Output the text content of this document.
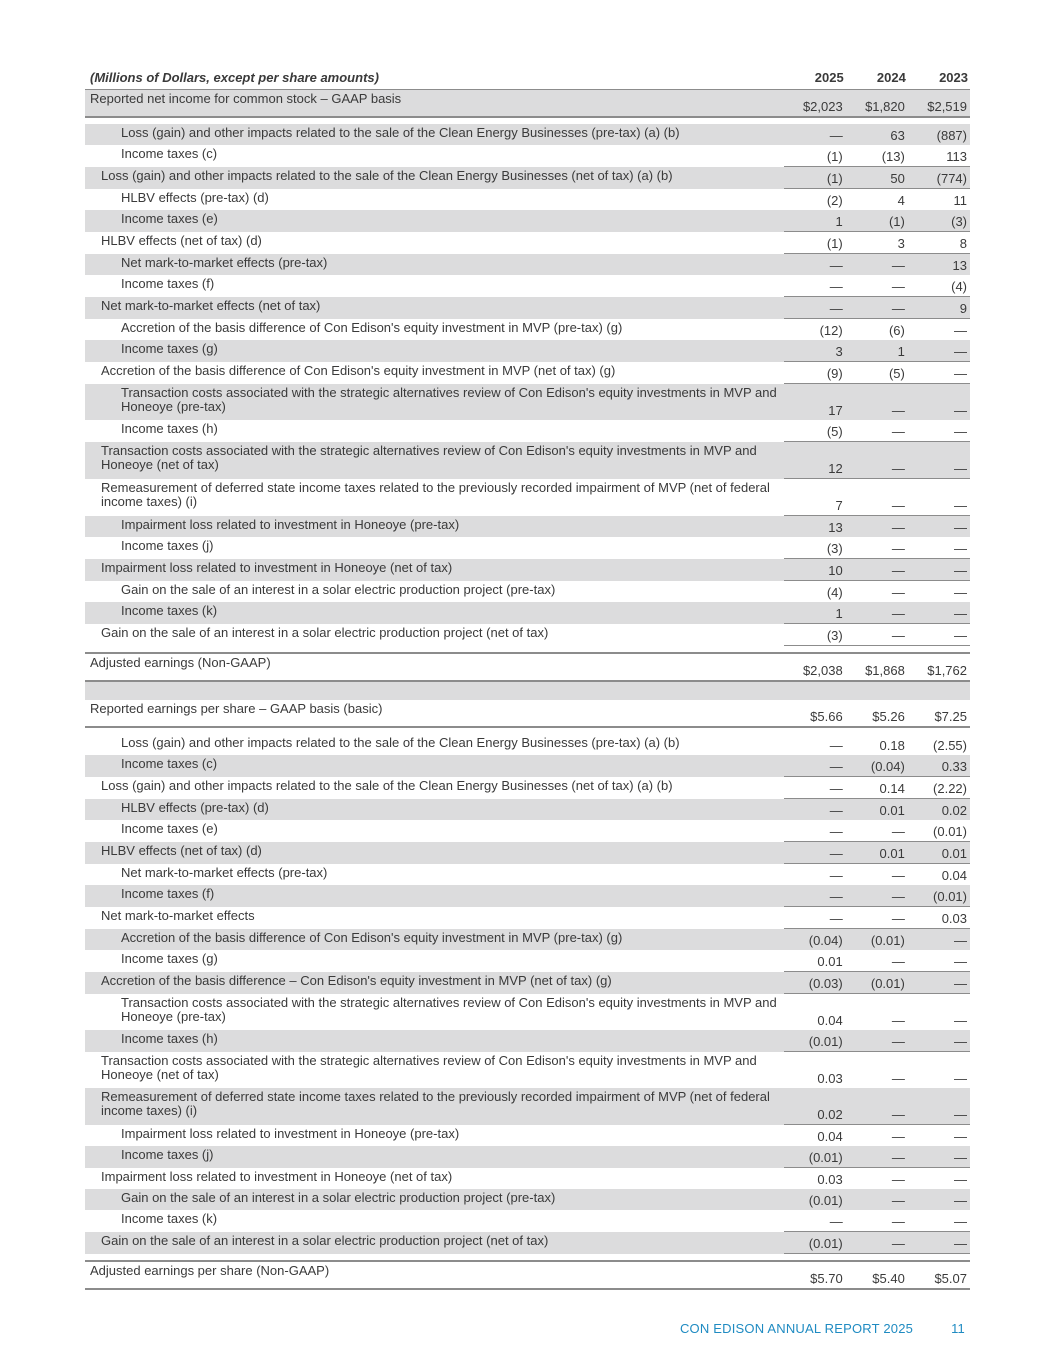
(Millions of Dollars, except per share amounts)	2025	2024	2023
Reported net income for common stock – GAAP basis	$2,023	$1,820	$2,519

Loss (gain) and other impacts related to the sale of the Clean Energy Businesses (pre-tax) (a) (b)	—	63	(887)
Income taxes (c)	(1)	(13)	113
Loss (gain) and other impacts related to the sale of the Clean Energy Businesses (net of tax) (a) (b)	(1)	50	(774)
HLBV effects (pre-tax) (d)	(2)	4	11
Income taxes (e)	1	(1)	(3)
HLBV effects (net of tax) (d)	(1)	3	8
Net mark-to-market effects (pre-tax)	—	—	13
Income taxes (f)	—	—	(4)
Net mark-to-market effects (net of tax)	—	—	9
Accretion of the basis difference of Con Edison's equity investment in MVP (pre-tax) (g)	(12)	(6)	—
Income taxes (g)	3	1	—
Accretion of the basis difference of Con Edison's equity investment in MVP (net of tax) (g)	(9)	(5)	—
Transaction costs associated with the strategic alternatives review of Con Edison's equity investments in MVP and Honeoye (pre-tax)	17	—	—
Income taxes (h)	(5)	—	—
Transaction costs associated with the strategic alternatives review of Con Edison's equity investments in MVP and Honeoye (net of tax)	12	—	—
Remeasurement of deferred state income taxes related to the previously recorded impairment of MVP (net of federal income taxes) (i)	7	—	—
Impairment loss related to investment in Honeoye (pre-tax)	13	—	—
Income taxes (j)	(3)	—	—
Impairment loss related to investment in Honeoye (net of tax)	10	—	—
Gain on the sale of an interest in a solar electric production project (pre-tax)	(4)	—	—
Income taxes (k)	1	—	—
Gain on the sale of an interest in a solar electric production project (net of tax)	(3)	—	—

Adjusted earnings (Non-GAAP)	$2,038	$1,868	$1,762

Reported earnings per share – GAAP basis (basic)	$5.66	$5.26	$7.25

Loss (gain) and other impacts related to the sale of the Clean Energy Businesses (pre-tax) (a) (b)	—	0.18	(2.55)
Income taxes (c)	—	(0.04)	0.33
Loss (gain) and other impacts related to the sale of the Clean Energy Businesses (net of tax) (a) (b)	—	0.14	(2.22)
HLBV effects (pre-tax) (d)	—	0.01	0.02
Income taxes (e)	—	—	(0.01)
HLBV effects (net of tax) (d)	—	0.01	0.01
Net mark-to-market effects (pre-tax)	—	—	0.04
Income taxes (f)	—	—	(0.01)
Net mark-to-market effects	—	—	0.03
Accretion of the basis difference of Con Edison's equity investment in MVP (pre-tax) (g)	(0.04)	(0.01)	—
Income taxes (g)	0.01	—	—
Accretion of the basis difference – Con Edison's equity investment in MVP (net of tax) (g)	(0.03)	(0.01)	—
Transaction costs associated with the strategic alternatives review of Con Edison's equity investments in MVP and Honeoye (pre-tax)	0.04	—	—
Income taxes (h)	(0.01)	—	—
Transaction costs associated with the strategic alternatives review of Con Edison's equity investments in MVP and Honeoye (net of tax)	0.03	—	—
Remeasurement of deferred state income taxes related to the previously recorded impairment of MVP (net of federal income taxes) (i)	0.02	—	—
Impairment loss related to investment in Honeoye (pre-tax)	0.04	—	—
Income taxes (j)	(0.01)	—	—
Impairment loss related to investment in Honeoye (net of tax)	0.03	—	—
Gain on the sale of an interest in a solar electric production project (pre-tax)	(0.01)	—	—
Income taxes (k)	—	—	—
Gain on the sale of an interest in a solar electric production project (net of tax)	(0.01)	—	—

Adjusted earnings per share (Non-GAAP)	$5.70	$5.40	$5.07
CON EDISON ANNUAL REPORT 2025	11
